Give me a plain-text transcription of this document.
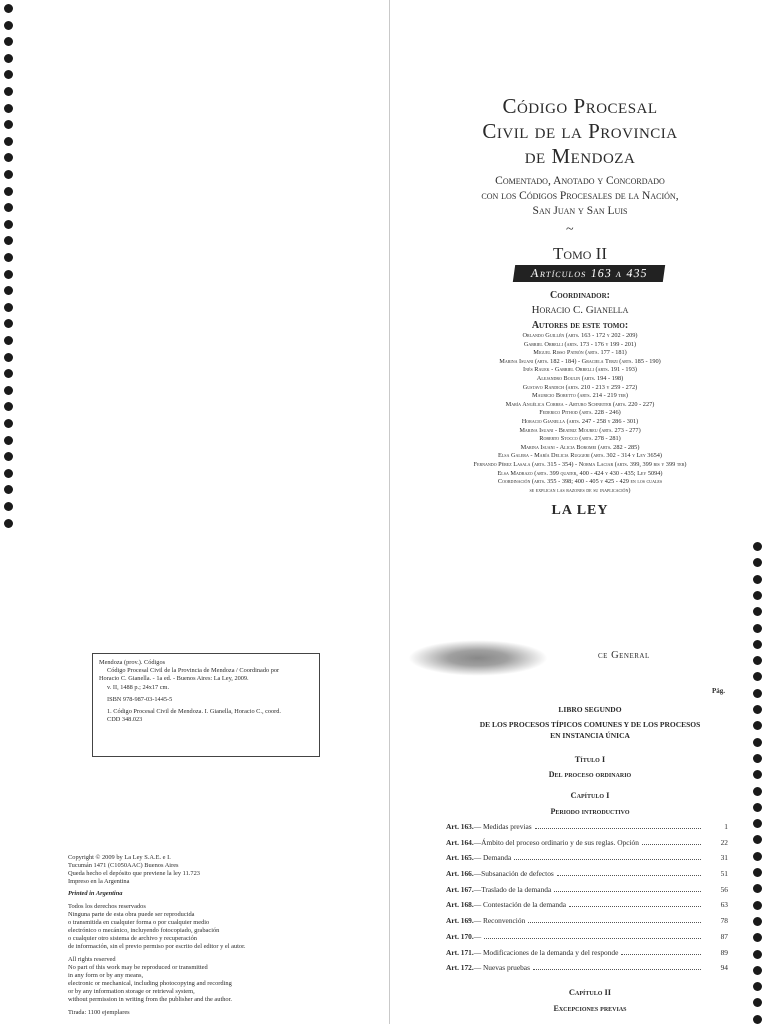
Código Procesal
Civil de la Provincia
de Mendoza
Comentado, Anotado y Concordado
con los Códigos Procesales de la Nación,
San Juan y San Luis
~
Tomo II
Artículos 163 a 435
Coordinador:
Horacio C. Gianella
Autores de este tomo:
Orlando Guillén (arts. 163 - 172 y 202 - 209)
Gabriel Orbelli (arts. 173 - 176 y 199 - 201)
Miguel Risso Patrón (arts. 177 - 181)
Marina Isuani (arts. 182 - 184) - Graciela Terzi (arts. 185 - 190)
Inés Rauek - Gabriel Orbelli (arts. 191 - 193)
Alejandro Boulin (arts. 194 - 198)
Gustavo Randich (arts. 210 - 213 y 259 - 272)
Mauricio Boretto (arts. 214 - 219 ter)
María Angélica Correa - Arturo Schneiter (arts. 220 - 227)
Federico Pithod (arts. 228 - 246)
Horacio Gianella (arts. 247 - 258 y 286 - 301)
Marina Isuani - Beatriz Moureu (arts. 273 - 277)
Roberto Stocco (arts. 278 - 281)
Marina Isuani - Alicia Boromei (arts. 282 - 285)
Elsa Galera - María Delicia Ruggeri (arts. 302 - 314 y Ley 3654)
Fernando Pérez Lasala (arts. 315 - 354) - Norma Laciar (arts. 399, 399 bis y 399 ter)
Elsa Madrazo (arts. 399 quater, 400 - 424 y 430 - 435; Ley 5094)
Coordinación (arts. 355 - 398; 400 - 405 y 425 - 429 en los cuales
se explican las razones de su inaplicación)
LA LEY
Mendoza (prov.). Códigos
Código Procesal Civil de la Provincia de Mendoza / Coordinado por
Horacio C. Gianella. - 1a ed. - Buenos Aires: La Ley, 2009.
v. II, 1488 p.; 24x17 cm.
ISBN 978-987-03-1445-5
1. Código Procesal Civil de Mendoza. I. Gianella, Horacio C., coord.
CDD 348.023
Copyright © 2009 by La Ley S.A.E. e I.
Tucumán 1471 (C1050AAC) Buenos Aires
Queda hecho el depósito que previene la ley 11.723
Impreso en la Argentina
Printed in Argentina
Todos los derechos reservados
Ninguna parte de esta obra puede ser reproducida
o transmitida en cualquier forma o por cualquier medio
electrónico o mecánico, incluyendo fotocopiado, grabación
o cualquier otro sistema de archivo y recuperación
de información, sin el previo permiso por escrito del editor y el autor.
All rights reserved
No part of this work may be reproduced or transmitted
in any form or by any means,
electronic or mechanical, including photocopying and recording
or by any information storage or retrieval system,
without permission in writing from the publisher and the author.
Tirada: 1100 ejemplares
ce General
Pág.
LIBRO SEGUNDO
DE LOS PROCESOS TÍPICOS COMUNES Y DE LOS PROCESOS
EN INSTANCIA ÚNICA
Título I
Del proceso ordinario
Capítulo I
Periodo introductivo
Art. 163. — Medidas previas	1
Art. 164. —Ámbito del proceso ordinario y de sus reglas. Opción	22
Art. 165. — Demanda	31
Art. 166. —Subsanación de defectos	51
Art. 167. —Traslado de la demanda	56
Art. 168. — Contestación de la demanda	63
Art. 169. — Reconvención	78
Art. 170. —	87
Art. 171. — Modificaciones de la demanda y del responde	89
Art. 172. — Nuevas pruebas	94
Capítulo II
Excepciones previas
